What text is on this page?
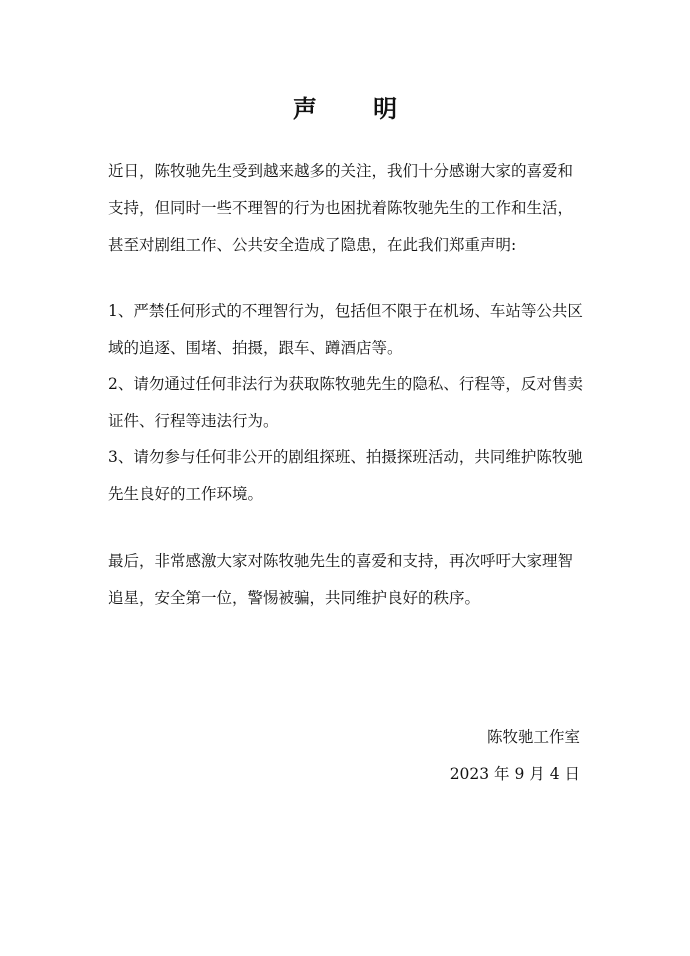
声 明
近日，陈牧驰先生受到越来越多的关注，我们十分感谢大家的喜爱和支持，但同时一些不理智的行为也困扰着陈牧驰先生的工作和生活，甚至对剧组工作、公共安全造成了隐患，在此我们郑重声明:
1、严禁任何形式的不理智行为，包括但不限于在机场、车站等公共区域的追逐、围堵、拍摄，跟车、蹲酒店等。
2、请勿通过任何非法行为获取陈牧驰先生的隐私、行程等，反对售卖证件、行程等违法行为。
3、请勿参与任何非公开的剧组探班、拍摄探班活动，共同维护陈牧驰先生良好的工作环境。
最后，非常感激大家对陈牧驰先生的喜爱和支持，再次呼吁大家理智追星，安全第一位，警惕被骗，共同维护良好的秩序。
陈牧驰工作室
2023 年 9 月 4 日
